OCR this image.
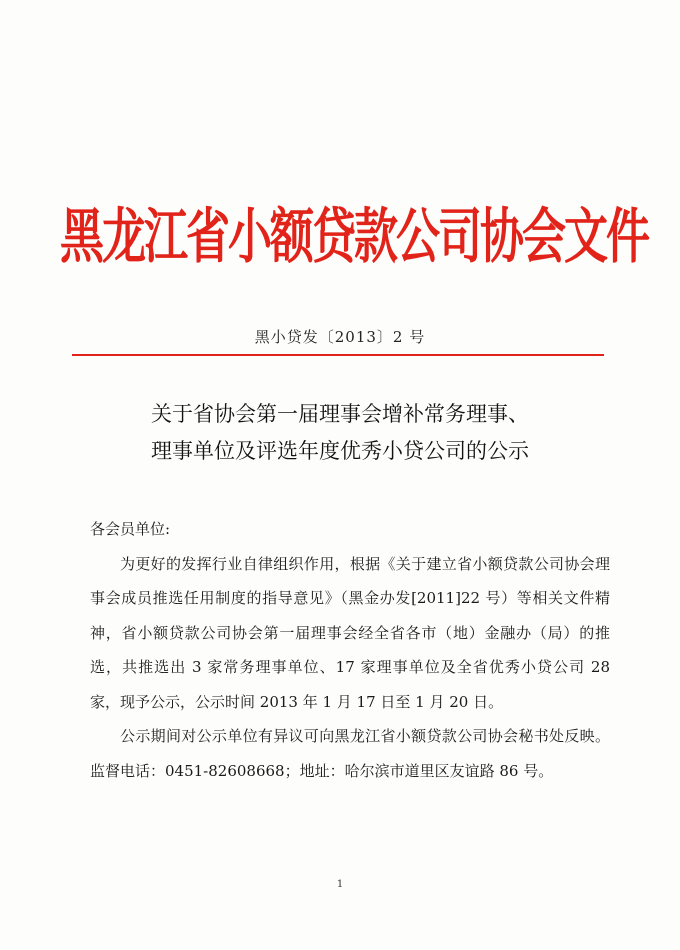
黑龙江省小额贷款公司协会文件
黑小贷发〔2013〕2 号
关于省协会第一届理事会增补常务理事、
理事单位及评选年度优秀小贷公司的公示

各会员单位:

为更好的发挥行业自律组织作用，根据《关于建立省小额贷款公司协会理事会成员推选任用制度的指导意见》（黑金办发[2011]22 号）等相关文件精神，省小额贷款公司协会第一届理事会经全省各市（地）金融办（局）的推选，共推选出 3 家常务理事单位、17 家理事单位及全省优秀小贷公司 28 家，现予公示，公示时间 2013 年 1 月 17 日至 1 月 20 日。

公示期间对公示单位有异议可向黑龙江省小额贷款公司协会秘书处反映。监督电话：0451-82608668；地址：哈尔滨市道里区友谊路 86 号。

1
